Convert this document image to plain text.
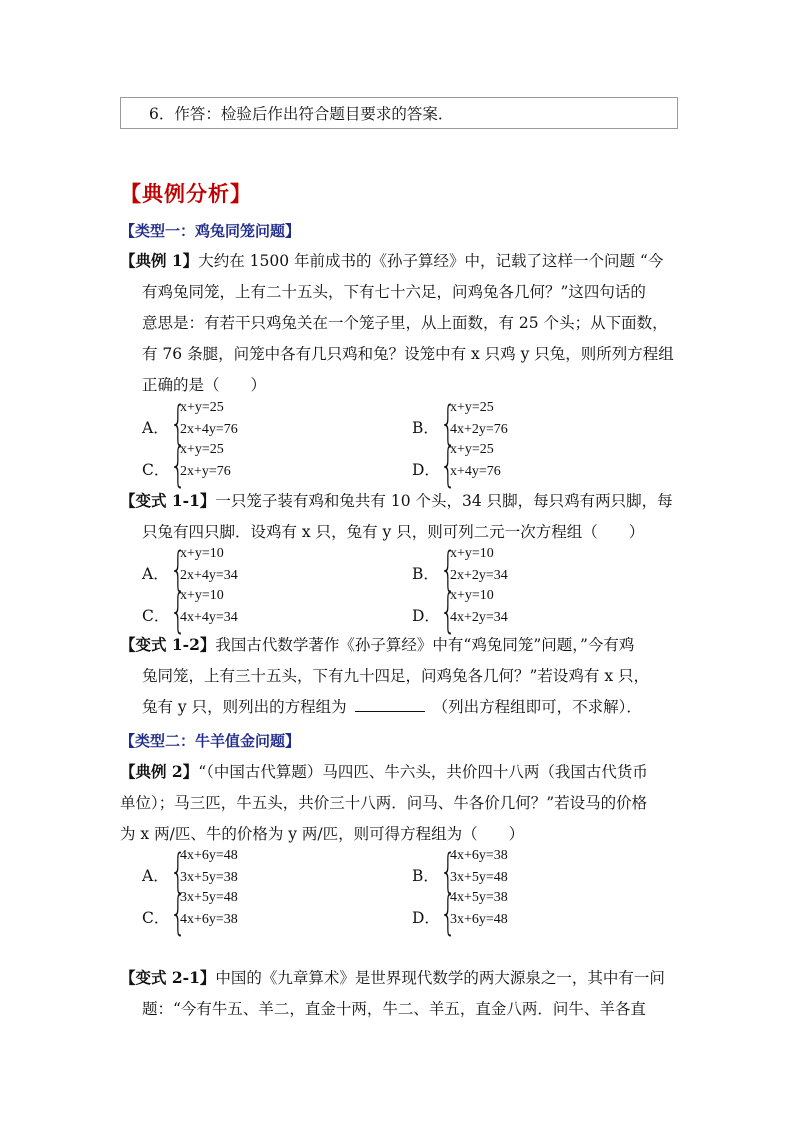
6．作答：检验后作出符合题目要求的答案．
【典例分析】
【类型一：鸡兔同笼问题】
【典例 1】大约在 1500 年前成书的《孙子算经》中，记载了这样一个问题 “今
有鸡兔同笼，上有二十五头，下有七十六足，问鸡兔各几何？”这四句话的
意思是：有若干只鸡兔关在一个笼子里，从上面数，有 25 个头；从下面数，
有 76 条腿，问笼中各有几只鸡和兔？设笼中有 x 只鸡 y 只兔，则所列方程组
正确的是（　　）
A． {
x+y=25
2x+4y=76	B． {
x+y=25
4x+2y=76
C． {
x+y=25
2x+y=76	D． {
x+y=25
x+4y=76
【变式 1-1】一只笼子装有鸡和兔共有 10 个头，34 只脚，每只鸡有两只脚，每
只兔有四只脚．设鸡有 x 只，兔有 y 只，则可列二元一次方程组（　　）
A． {
x+y=10
2x+4y=34	B． {
x+y=10
2x+2y=34
C． {
x+y=10
4x+4y=34	D． {
x+y=10
4x+2y=34
【变式 1-2】我国古代数学著作《孙子算经》中有“鸡兔同笼”问题，”今有鸡
兔同笼，上有三十五头，下有九十四足，问鸡兔各几何？”若设鸡有 x 只，
兔有 y 只，则列出的方程组为	（列出方程组即可，不求解）．
【类型二：牛羊值金问题】
【典例 2】“（中国古代算题）马四匹、牛六头，共价四十八两（我国古代货币
单位）；马三匹，牛五头，共价三十八两．问马、牛各价几何？”若设马的价格
为 x 两/匹、牛的价格为 y 两/匹，则可得方程组为（　　）
A． {
4x+6y=48
3x+5y=38	B． {
4x+6y=38
3x+5y=48
C． {
3x+5y=48
4x+6y=38	D． {
4x+5y=38
3x+6y=48
【变式 2-1】中国的《九章算术》是世界现代数学的两大源泉之一，其中有一问
题：“今有牛五、羊二，直金十两，牛二、羊五，直金八两．问牛、羊各直
